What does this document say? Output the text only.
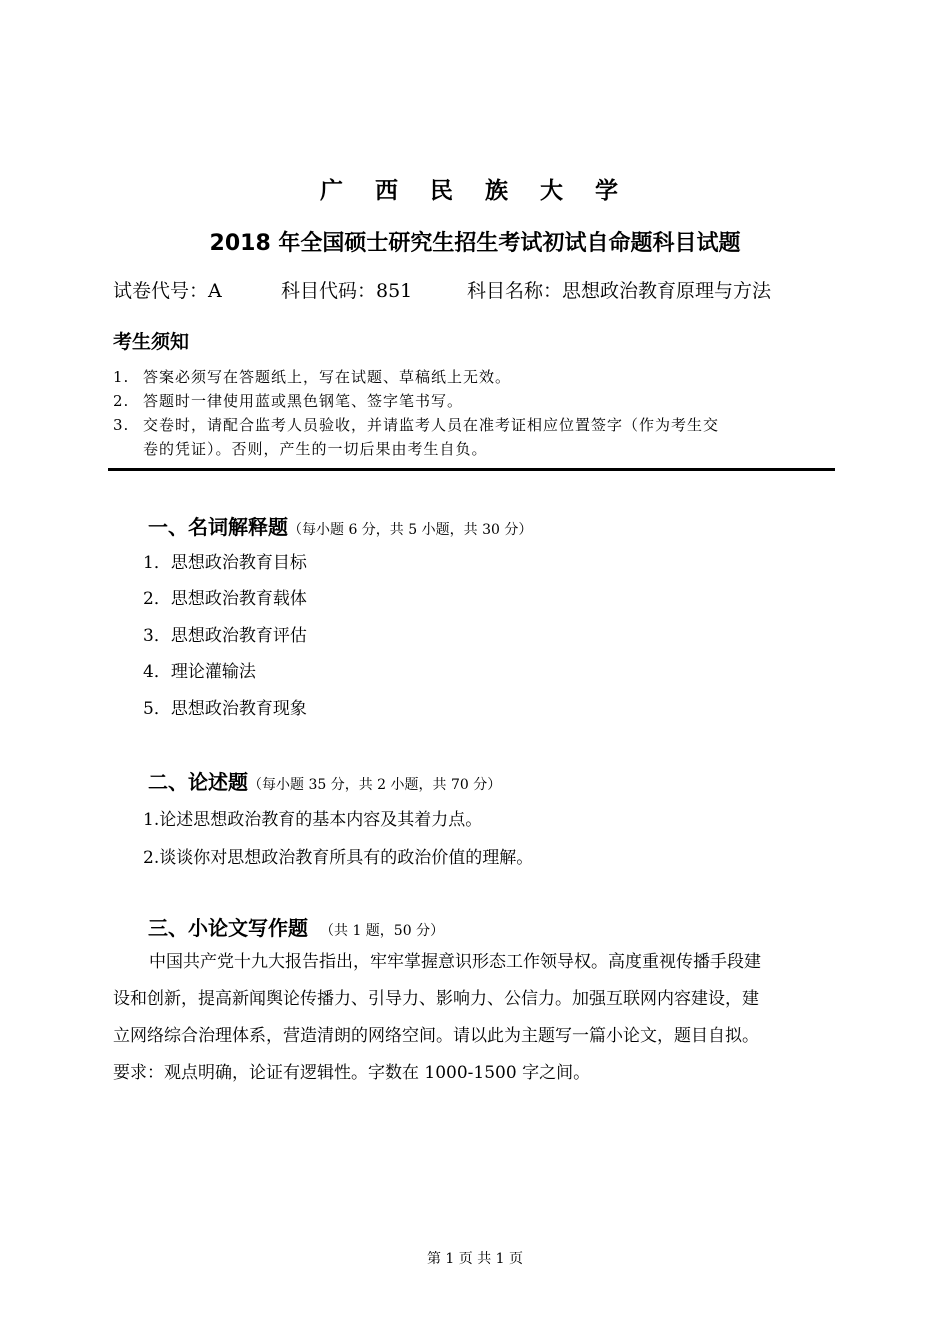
广 西 民 族 大 学
2018 年全国硕士研究生招生考试初试自命题科目试题
试卷代号：A	科目代码：851	科目名称：思想政治教育原理与方法
考生须知
1. 答案必须写在答题纸上，写在试题、草稿纸上无效。
2. 答题时一律使用蓝或黑色钢笔、签字笔书写。
3. 交卷时，请配合监考人员验收，并请监考人员在准考证相应位置签字（作为考生交
卷的凭证）。否则，产生的一切后果由考生自负。
一、名词解释题（每小题 6 分，共 5 小题，共 30 分）
1．思想政治教育目标
2．思想政治教育载体
3．思想政治教育评估
4．理论灌输法
5．思想政治教育现象
二、论述题（每小题 35 分，共 2 小题，共 70 分）
1.论述思想政治教育的基本内容及其着力点。
2.谈谈你对思想政治教育所具有的政治价值的理解。
三、小论文写作题 （共 1 题，50 分）
中国共产党十九大报告指出，牢牢掌握意识形态工作领导权。高度重视传播手段建
设和创新，提高新闻舆论传播力、引导力、影响力、公信力。加强互联网内容建设，建
立网络综合治理体系，营造清朗的网络空间。请以此为主题写一篇小论文，题目自拟。
要求：观点明确，论证有逻辑性。字数在 1000-1500 字之间。
第 1 页 共 1 页
